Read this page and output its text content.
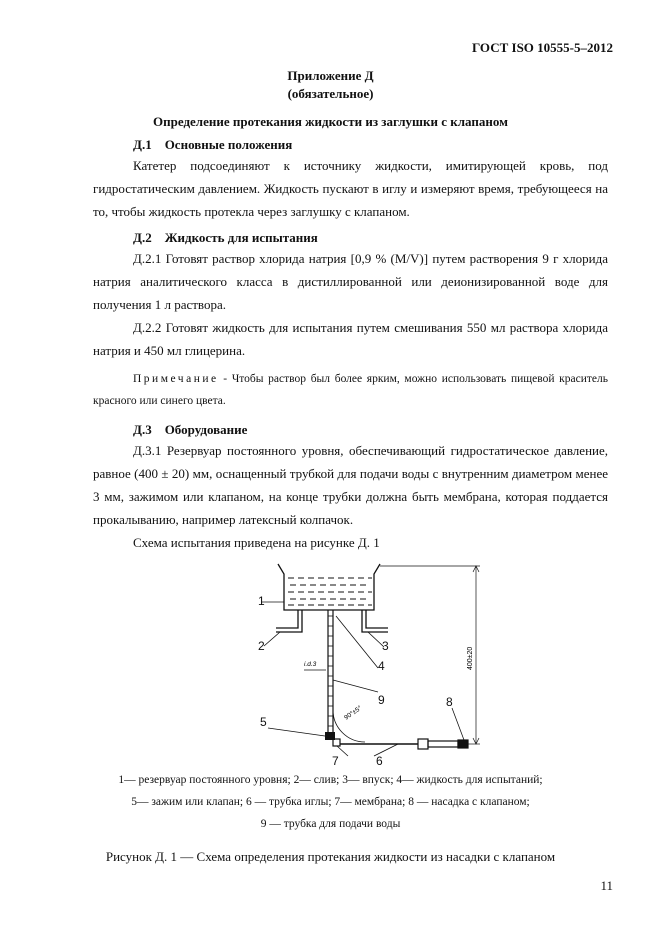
ГОСТ ISO 10555-5–2012
Приложение Д
(обязательное)
Определение протекания жидкости из заглушки с клапаном
Д.1    Основные положения

Катетер подсоединяют к источнику жидкости, имитирующей кровь, под гидростатическим давлением. Жидкость пускают в иглу и измеряют время, требующееся на то, чтобы жидкость протекла через заглушку с клапаном.

Д.2    Жидкость для испытания

Д.2.1 Готовят раствор хлорида натрия [0,9 % (M/V)] путем растворения 9 г хлорида натрия аналитического класса в дистиллированной или деионизированной воде для получения 1 л раствора.

Д.2.2 Готовят жидкость для испытания путем смешивания 550 мл раствора хлорида натрия и 450 мл глицерина.

Примечание - Чтобы раствор был более ярким, можно использовать пищевой краситель красного или синего цвета.

Д.3    Оборудование

Д.3.1 Резервуар постоянного уровня, обеспечивающий гидростатическое давление, равное (400 ± 20) мм, оснащенный трубкой для подачи воды с внутренним диаметром менее 3 мм, зажимом или клапаном, на конце трубки должна быть мембрана, которая поддается прокалыванию, например латексный колпачок.

Схема испытания приведена на рисунке Д. 1

90°±5°
i.d.3	400±20
1
2	3
4
9
5
8
7	6
1— резервуар постоянного уровня; 2— слив; 3— впуск; 4— жидкость для испытаний;
5— зажим или клапан; 6 — трубка иглы; 7— мембрана; 8 — насадка с клапаном;
9 — трубка для подачи воды
Рисунок Д. 1 — Схема определения протекания жидкости из насадки с клапаном
11
